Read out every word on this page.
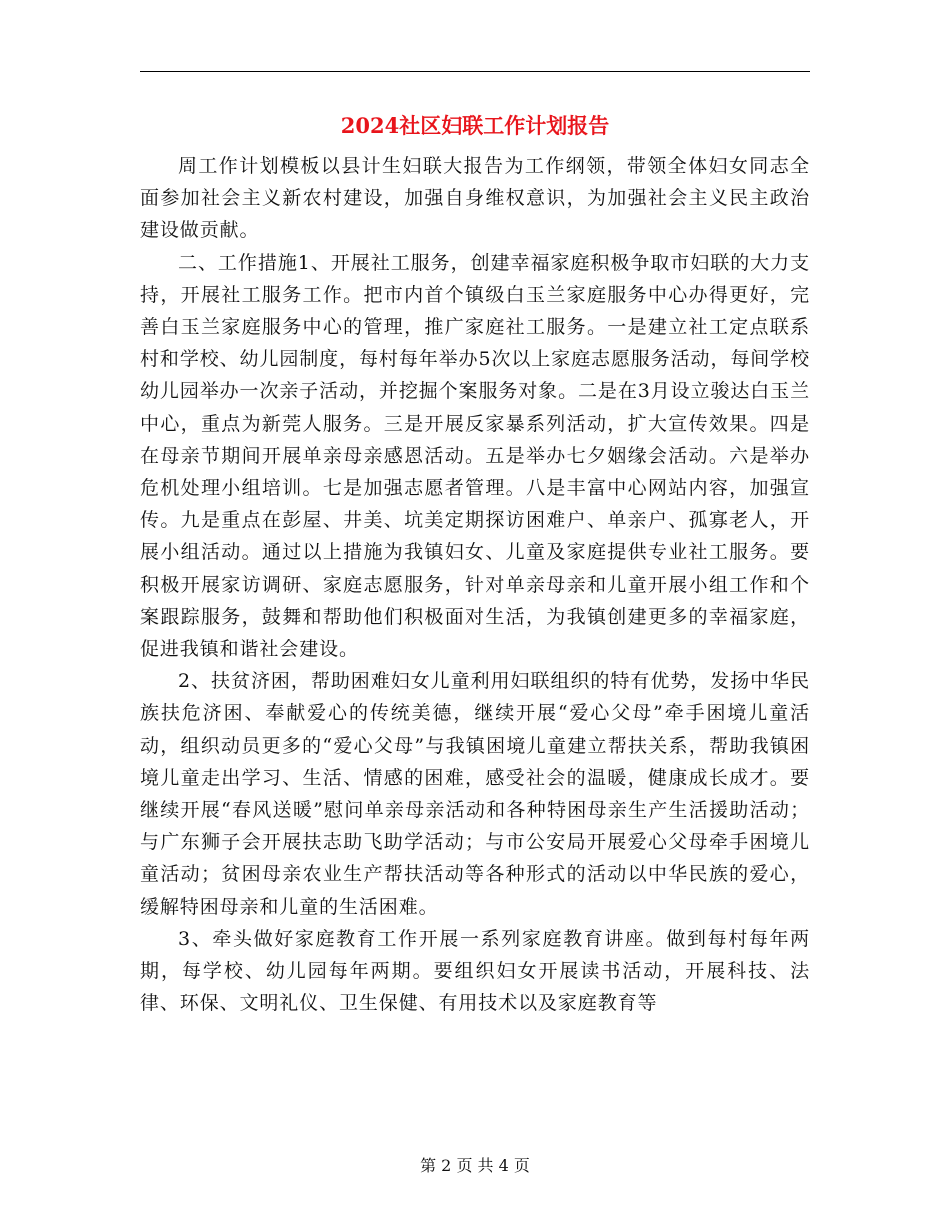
2024社区妇联工作计划报告

周工作计划模板以县计生妇联大报告为工作纲领，带领全体妇女同志全面参加社会主义新农村建设，加强自身维权意识，为加强社会主义民主政治建设做贡献。

二、工作措施1、开展社工服务，创建幸福家庭积极争取市妇联的大力支持，开展社工服务工作。把市内首个镇级白玉兰家庭服务中心办得更好，完善白玉兰家庭服务中心的管理，推广家庭社工服务。一是建立社工定点联系村和学校、幼儿园制度，每村每年举办5次以上家庭志愿服务活动，每间学校幼儿园举办一次亲子活动，并挖掘个案服务对象。二是在3月设立骏达白玉兰中心，重点为新莞人服务。三是开展反家暴系列活动，扩大宣传效果。四是在母亲节期间开展单亲母亲感恩活动。五是举办七夕姻缘会活动。六是举办危机处理小组培训。七是加强志愿者管理。八是丰富中心网站内容，加强宣传。九是重点在彭屋、井美、坑美定期探访困难户、单亲户、孤寡老人，开展小组活动。通过以上措施为我镇妇女、儿童及家庭提供专业社工服务。要积极开展家访调研、家庭志愿服务，针对单亲母亲和儿童开展小组工作和个案跟踪服务，鼓舞和帮助他们积极面对生活，为我镇创建更多的幸福家庭，促进我镇和谐社会建设。

2、扶贫济困，帮助困难妇女儿童利用妇联组织的特有优势，发扬中华民族扶危济困、奉献爱心的传统美德，继续开展“爱心父母”牵手困境儿童活动，组织动员更多的“爱心父母”与我镇困境儿童建立帮扶关系，帮助我镇困境儿童走出学习、生活、情感的困难，感受社会的温暖，健康成长成才。要继续开展“春风送暖”慰问单亲母亲活动和各种特困母亲生产生活援助活动；与广东狮子会开展扶志助飞助学活动；与市公安局开展爱心父母牵手困境儿童活动；贫困母亲农业生产帮扶活动等各种形式的活动以中华民族的爱心，缓解特困母亲和儿童的生活困难。

3、牵头做好家庭教育工作开展一系列家庭教育讲座。做到每村每年两期，每学校、幼儿园每年两期。要组织妇女开展读书活动，开展科技、法律、环保、文明礼仪、卫生保健、有用技术以及家庭教育等

第 2 页 共 4 页
